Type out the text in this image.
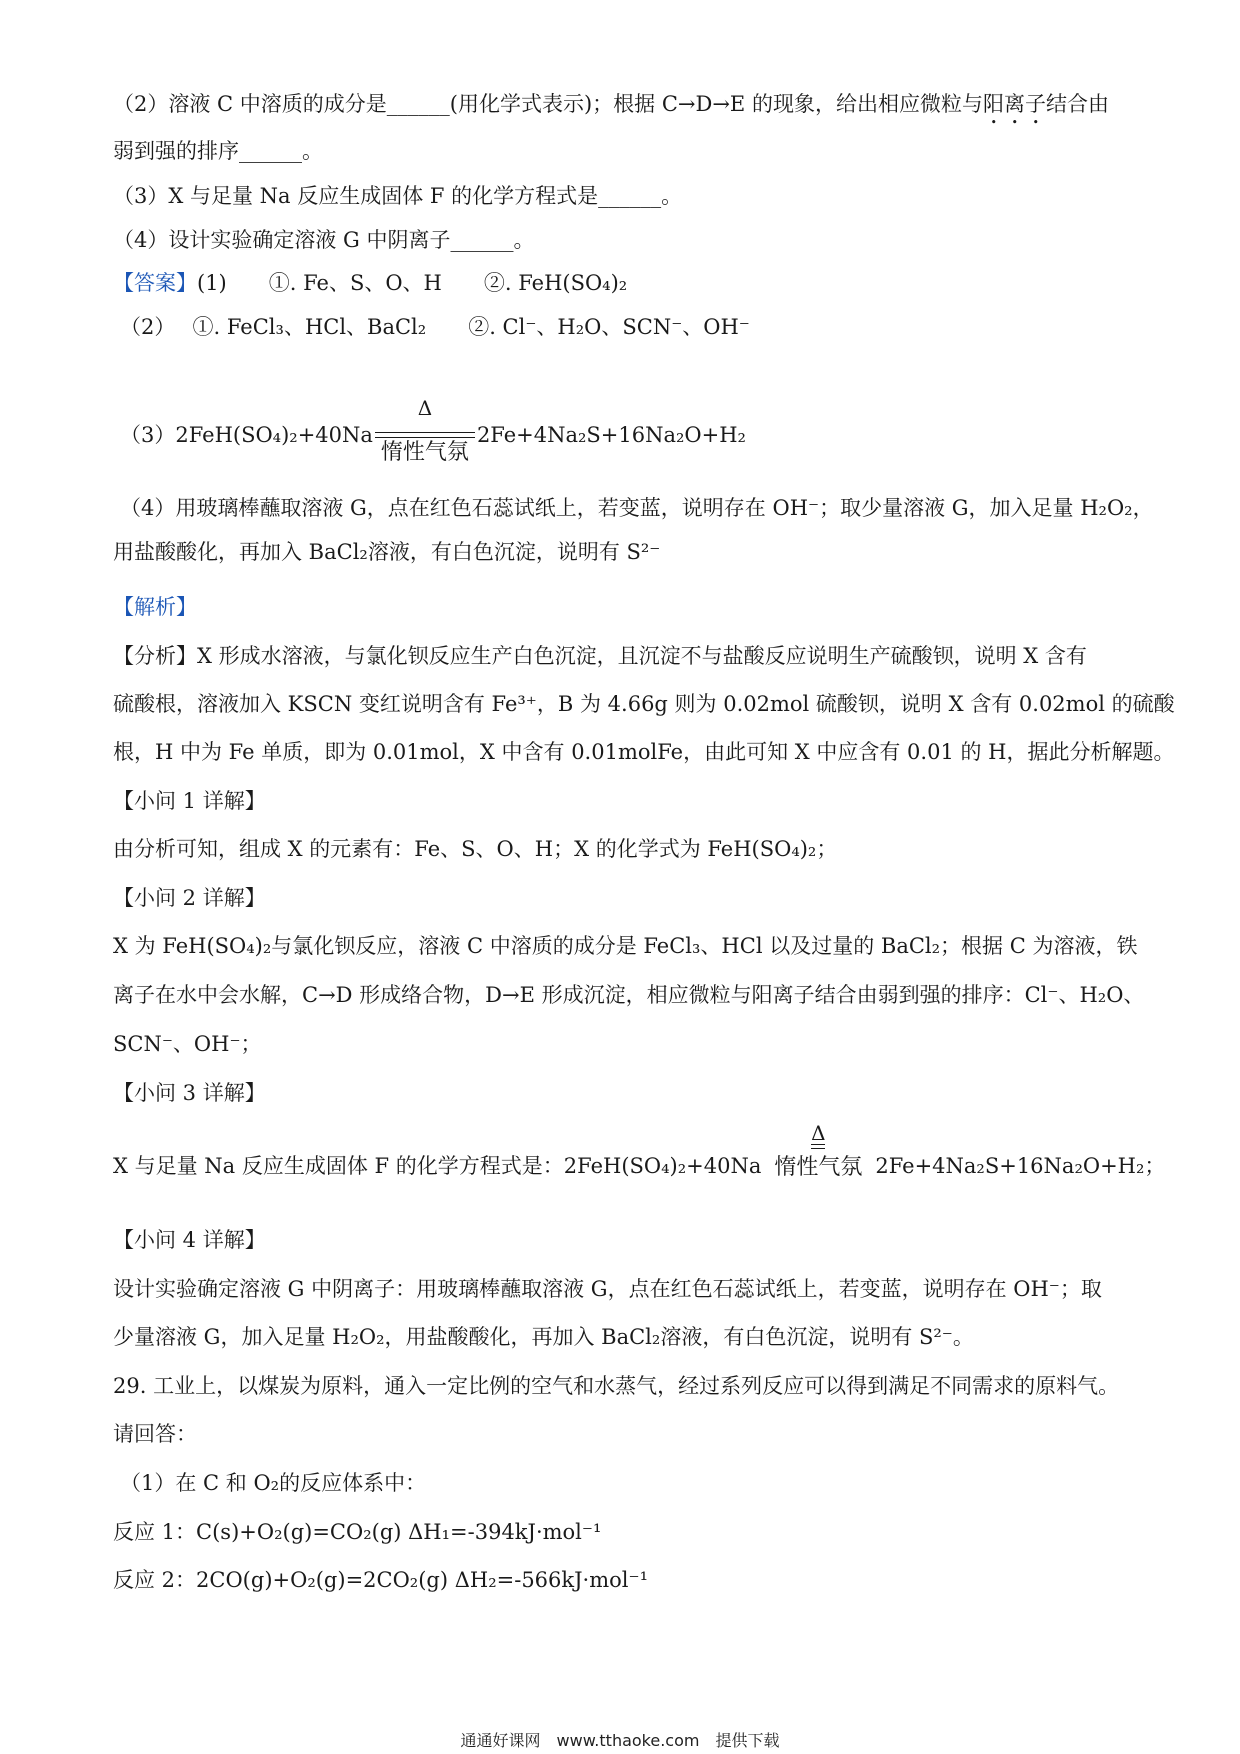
（2）溶液 C 中溶质的成分是______(用化学式表示)；根据 C→D→E 的现象，给出相应微粒与阳离子结合由
弱到强的排序______。
（3）X 与足量 Na 反应生成固体 F 的化学方程式是______。
（4）设计实验确定溶液 G 中阴离子______。
【答案】(1)　　①. Fe、S、O、H　　②. FeH(SO₄)₂
（2）　 ①. FeCl₃、HCl、BaCl₂　　②. Cl⁻、H₂O、SCN⁻、OH⁻
（3）2FeH(SO₄)₂+40Na
Δ
惰性气氛
2Fe+4Na₂S+16Na₂O+H₂
（4）用玻璃棒蘸取溶液 G，点在红色石蕊试纸上，若变蓝，说明存在 OH⁻；取少量溶液 G，加入足量 H₂O₂，
用盐酸酸化，再加入 BaCl₂溶液，有白色沉淀，说明有 S²⁻
【解析】
【分析】X 形成水溶液，与氯化钡反应生产白色沉淀，且沉淀不与盐酸反应说明生产硫酸钡，说明 X 含有
硫酸根，溶液加入 KSCN 变红说明含有 Fe³⁺，B 为 4.66g 则为 0.02mol 硫酸钡，说明 X 含有 0.02mol 的硫酸
根，H 中为 Fe 单质，即为 0.01mol，X 中含有 0.01molFe，由此可知 X 中应含有 0.01 的 H，据此分析解题。
【小问 1 详解】
由分析可知，组成 X 的元素有：Fe、S、O、H；X 的化学式为 FeH(SO₄)₂；
【小问 2 详解】
X 为 FeH(SO₄)₂与氯化钡反应，溶液 C 中溶质的成分是 FeCl₃、HCl 以及过量的 BaCl₂；根据 C 为溶液，铁
离子在水中会水解，C→D 形成络合物，D→E 形成沉淀，相应微粒与阳离子结合由弱到强的排序：Cl⁻、H₂O、
SCN⁻、OH⁻；
【小问 3 详解】
X 与足量 Na 反应生成固体 F 的化学方程式是：2FeH(SO₄)₂+40Na
Δ
惰性气氛 2Fe+4Na₂S+16Na₂O+H₂；
【小问 4 详解】
设计实验确定溶液 G 中阴离子：用玻璃棒蘸取溶液 G，点在红色石蕊试纸上，若变蓝，说明存在 OH⁻；取
少量溶液 G，加入足量 H₂O₂，用盐酸酸化，再加入 BaCl₂溶液，有白色沉淀，说明有 S²⁻。
29. 工业上，以煤炭为原料，通入一定比例的空气和水蒸气，经过系列反应可以得到满足不同需求的原料气。
请回答：
（1）在 C 和 O₂的反应体系中：
反应 1：C(s)+O₂(g)=CO₂(g) ΔH₁=-394kJ·mol⁻¹
反应 2：2CO(g)+O₂(g)=2CO₂(g) ΔH₂=-566kJ·mol⁻¹
通通好课网　www.tthaoke.com　提供下载
